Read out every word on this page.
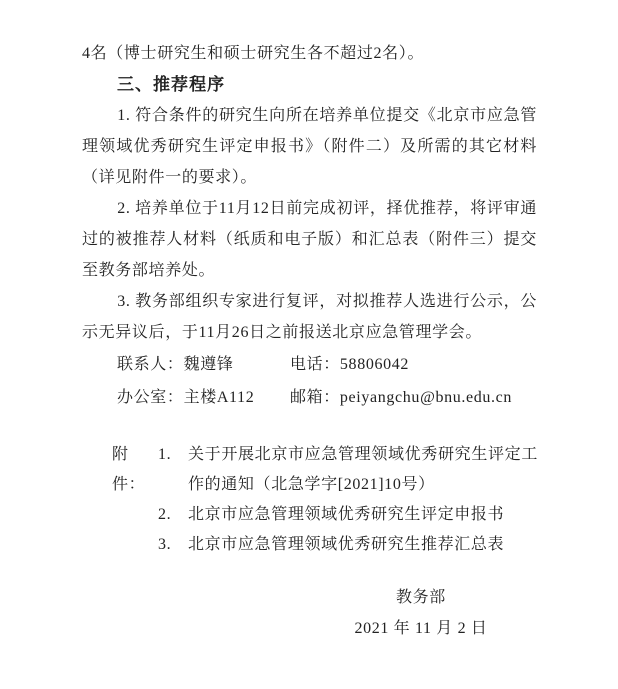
4名（博士研究生和硕士研究生各不超过2名）。

三、推荐程序

1. 符合条件的研究生向所在培养单位提交《北京市应急管理领域优秀研究生评定申报书》（附件二）及所需的其它材料（详见附件一的要求）。

2. 培养单位于11月12日前完成初评，择优推荐，将评审通过的被推荐人材料（纸质和电子版）和汇总表（附件三）提交至教务部培养处。

3. 教务部组织专家进行复评，对拟推荐人选进行公示，公示无异议后，于11月26日之前报送北京应急管理学会。

联系人：魏遵锋	电话：58806042
办公室：主楼A112	邮箱：peiyangchu@bnu.edu.cn
附件：
1.	关于开展北京市应急管理领域优秀研究生评定工作的通知（北急学字[2021]10号）
2.	北京市应急管理领域优秀研究生评定申报书
3.	北京市应急管理领域优秀研究生推荐汇总表

教务部

2021 年 11 月 2 日
